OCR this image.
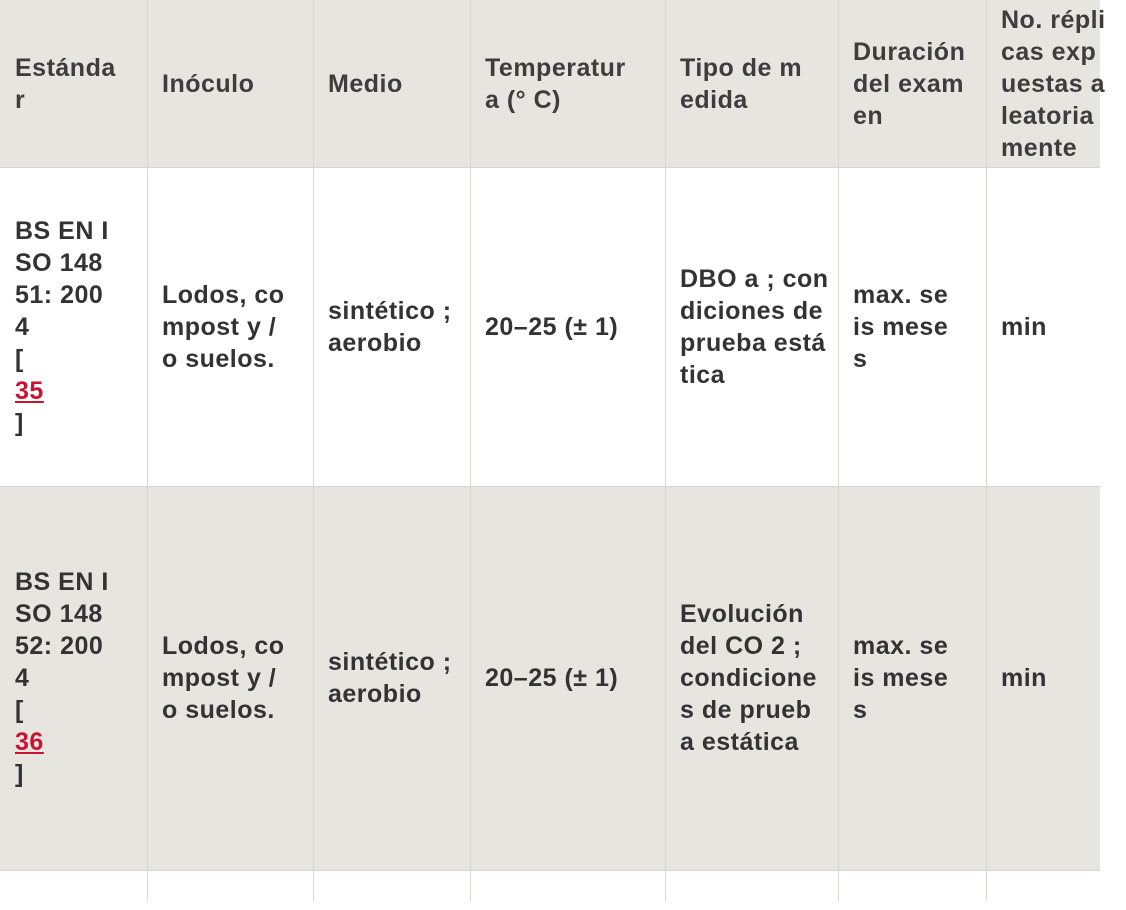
Estándar
Inóculo	Medio
Temperatura (° C)
Tipo de medida
Duración del examen
No. réplicas expuestas aleatoriamente
BS EN ISO 14851: 2004
[
35
]
Lodos, compost y / o suelos.
sintético ; aerobio
20–25 (± 1)
DBO a ; condiciones de prueba estática
max. seis meses
min
BS EN ISO 14852: 2004
[
36
]
Lodos, compost y / o suelos.
sintético ; aerobio
20–25 (± 1)
Evolución del CO 2 ; condiciones de prueba estática
max. seis meses
min
